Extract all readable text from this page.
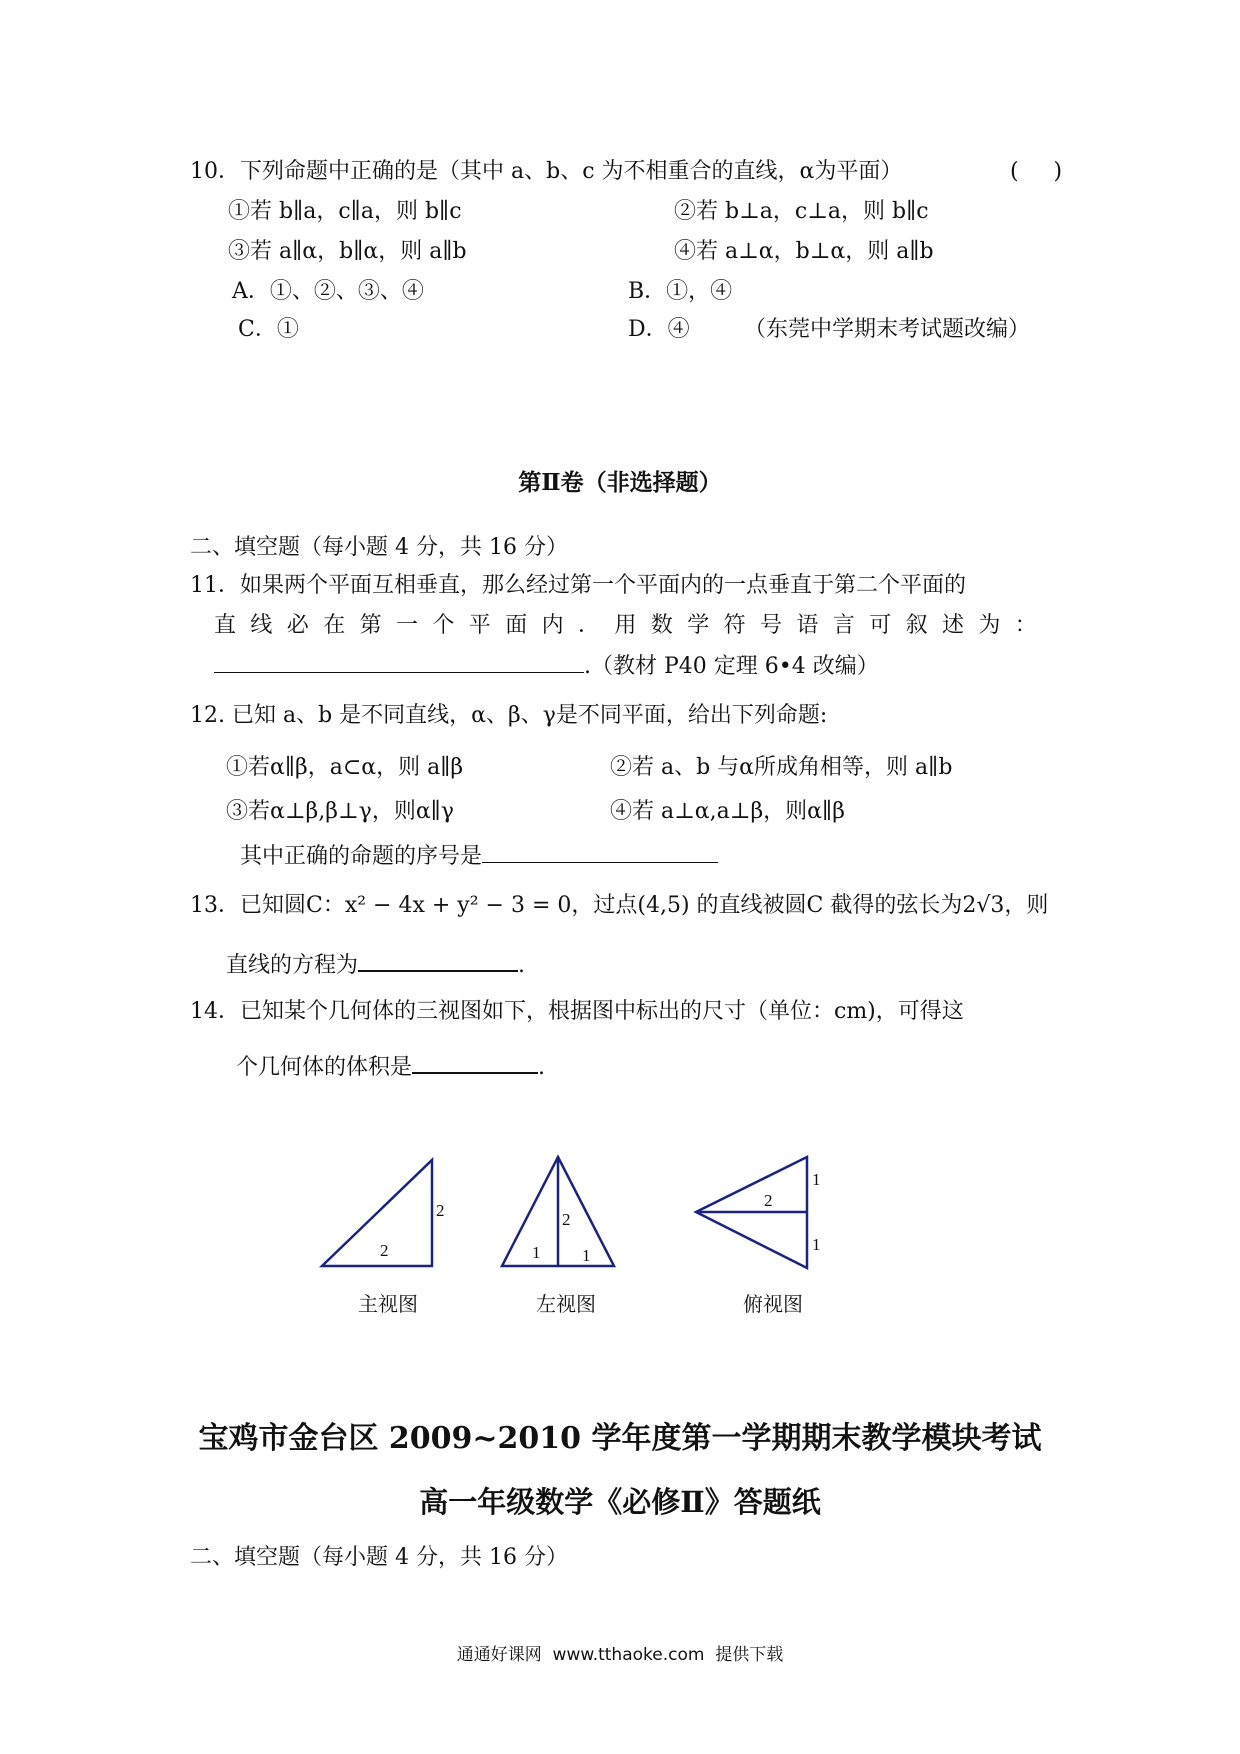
10．下列命题中正确的是（其中 a、b、c 为不相重合的直线，α为平面）	(     )
①若 b∥a，c∥a，则 b∥c	②若 b⊥a，c⊥a，则 b∥c
③若 a∥α，b∥α，则 a∥b	④若 a⊥α，b⊥α，则 a∥b
A．①、②、③、④	B．①，④
C．①	D．④ （东莞中学期末考试题改编）
第Ⅱ卷（非选择题）
二、填空题（每小题 4 分，共 16 分）
11．如果两个平面互相垂直，那么经过第一个平面内的一点垂直于第二个平面的
直线必在第一个平面内．用数学符号语言可叙述为：
.（教材 P40 定理 6•4 改编）
12. 已知 a、b 是不同直线，α、β、γ是不同平面，给出下列命题:
①若α∥β，a⊂α，则 a∥β	②若 a、b 与α所成角相等，则 a∥b
③若α⊥β,β⊥γ，则α∥γ	④若 a⊥α,a⊥β，则α∥β
其中正确的命题的序号是
13．已知圆C：x² − 4x + y² − 3 = 0，过点(4,5) 的直线被圆C 截得的弦长为2√3，则
直线的方程为	.
14．已知某个几何体的三视图如下，根据图中标出的尺寸（单位：cm)，可得这
个几何体的体积是	.
2
2
2
1 1
2
1
1
主视图	左视图	俯视图
宝鸡市金台区 2009~2010 学年度第一学期期末教学模块考试
高一年级数学《必修Ⅱ》答题纸
二、填空题（每小题 4 分，共 16 分）
通通好课网  www.tthaoke.com  提供下载
